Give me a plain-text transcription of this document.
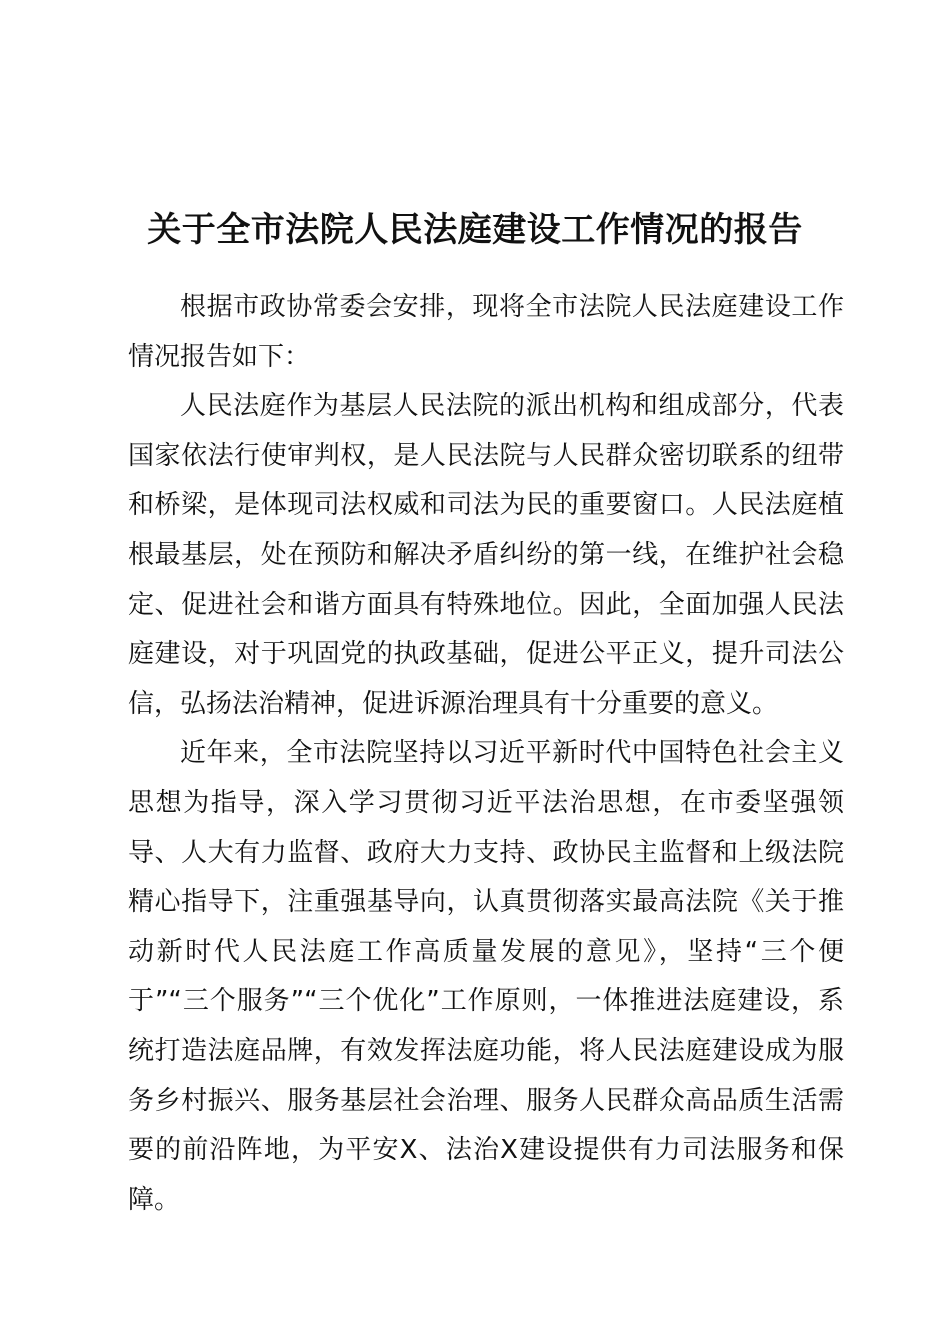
关于全市法院人民法庭建设工作情况的报告

根据市政协常委会安排，现将全市法院人民法庭建设工作情况报告如下：

人民法庭作为基层人民法院的派出机构和组成部分，代表国家依法行使审判权，是人民法院与人民群众密切联系的纽带和桥梁，是体现司法权威和司法为民的重要窗口。人民法庭植根最基层，处在预防和解决矛盾纠纷的第一线，在维护社会稳定、促进社会和谐方面具有特殊地位。因此，全面加强人民法庭建设，对于巩固党的执政基础，促进公平正义，提升司法公信，弘扬法治精神，促进诉源治理具有十分重要的意义。

近年来，全市法院坚持以习近平新时代中国特色社会主义思想为指导，深入学习贯彻习近平法治思想，在市委坚强领导、人大有力监督、政府大力支持、政协民主监督和上级法院精心指导下，注重强基导向，认真贯彻落实最高法院《关于推动新时代人民法庭工作高质量发展的意见》，坚持“三个便于”“三个服务”“三个优化”工作原则，一体推进法庭建设，系统打造法庭品牌，有效发挥法庭功能，将人民法庭建设成为服务乡村振兴、服务基层社会治理、服务人民群众高品质生活需要的前沿阵地，为平安X、法治X建设提供有力司法服务和保障。
